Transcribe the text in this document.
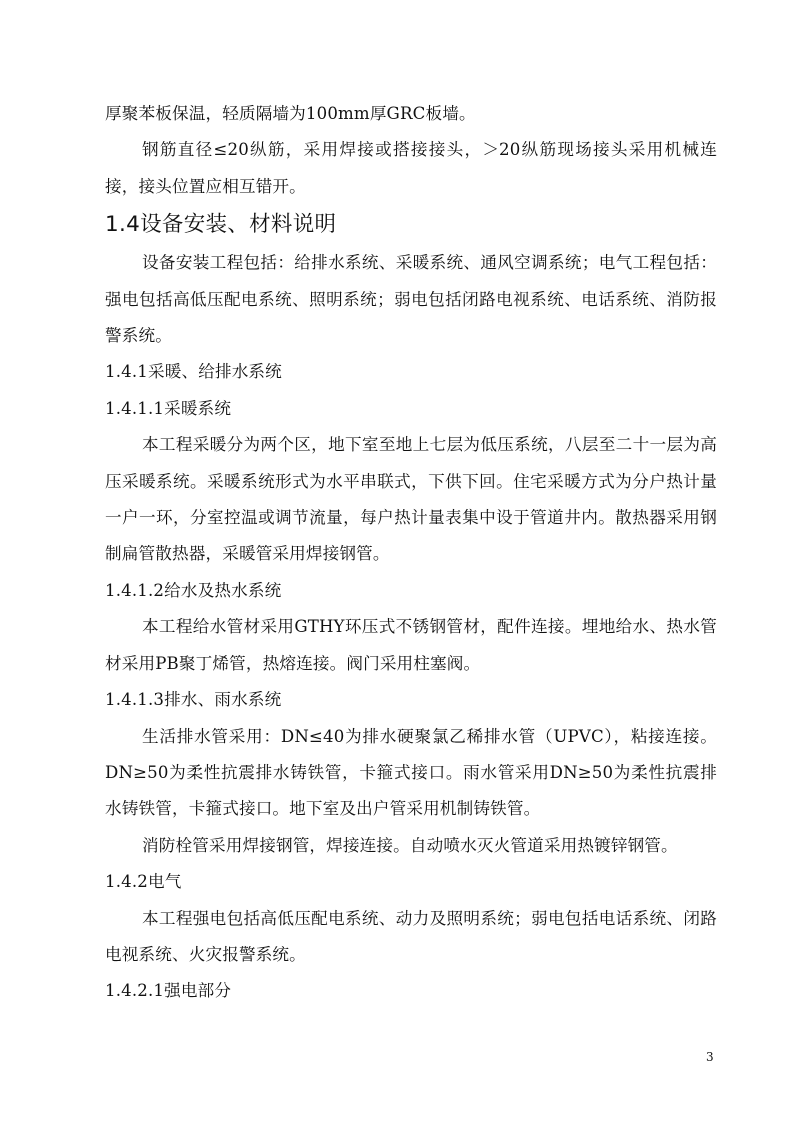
厚聚苯板保温，轻质隔墙为100mm厚GRC板墙。

钢筋直径≤20纵筋，采用焊接或搭接接头，＞20纵筋现场接头采用机械连接，接头位置应相互错开。

1.4设备安装、材料说明

设备安装工程包括：给排水系统、采暖系统、通风空调系统；电气工程包括：强电包括高低压配电系统、照明系统；弱电包括闭路电视系统、电话系统、消防报警系统。

1.4.1采暖、给排水系统

1.4.1.1采暖系统

本工程采暖分为两个区，地下室至地上七层为低压系统，八层至二十一层为高压采暖系统。采暖系统形式为水平串联式，下供下回。住宅采暖方式为分户热计量一户一环，分室控温或调节流量，每户热计量表集中设于管道井内。散热器采用钢制扁管散热器，采暖管采用焊接钢管。

1.4.1.2给水及热水系统

本工程给水管材采用GTHY环压式不锈钢管材，配件连接。埋地给水、热水管材采用PB聚丁烯管，热熔连接。阀门采用柱塞阀。

1.4.1.3排水、雨水系统

生活排水管采用：DN≤40为排水硬聚氯乙稀排水管（UPVC），粘接连接。DN≥50为柔性抗震排水铸铁管，卡箍式接口。雨水管采用DN≥50为柔性抗震排水铸铁管，卡箍式接口。地下室及出户管采用机制铸铁管。

消防栓管采用焊接钢管，焊接连接。自动喷水灭火管道采用热镀锌钢管。

1.4.2电气

本工程强电包括高低压配电系统、动力及照明系统；弱电包括电话系统、闭路电视系统、火灾报警系统。

1.4.2.1强电部分

3
